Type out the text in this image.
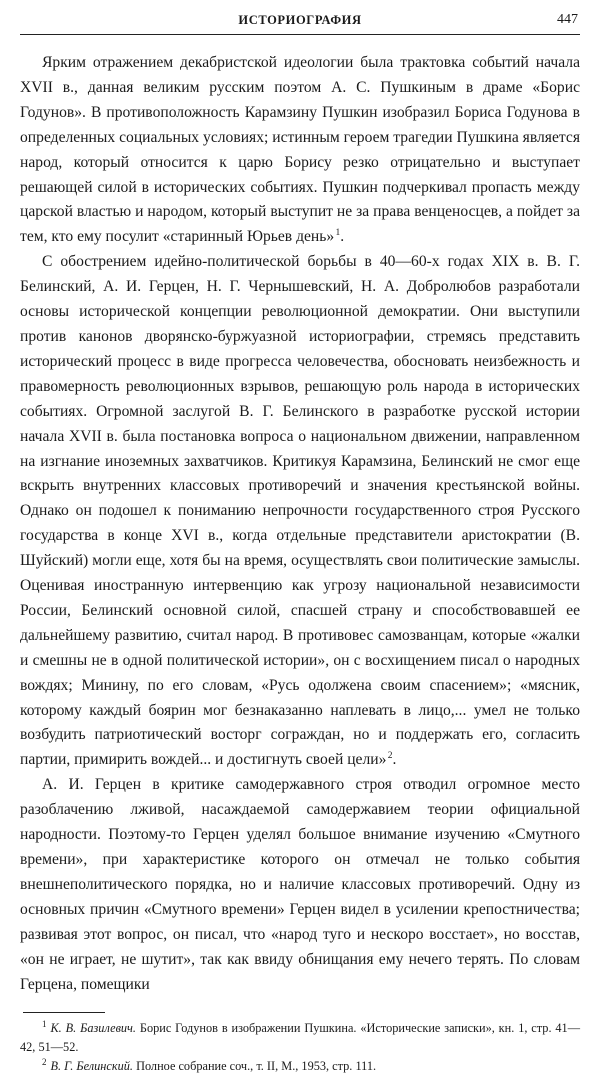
ИСТОРИОГРАФИЯ	447

Ярким отражением декабристской идеологии была трактовка событий начала XVII в., данная великим русским поэтом А. С. Пушкиным в драме «Борис Годунов». В противоположность Карамзину Пушкин изобразил Бориса Годунова в определенных социальных условиях; истинным героем трагедии Пушкина является народ, который относится к царю Борису резко отрицательно и выступает решающей силой в исторических событиях. Пушкин подчеркивал пропасть между царской властью и народом, который выступит не за права венценосцев, а пойдет за тем, кто ему посулит «старинный Юрьев день» $^1$.

С обострением идейно-политической борьбы в 40—60-х годах XIX в. В. Г. Белинский, А. И. Герцен, Н. Г. Чернышевский, Н. А. Добролюбов разработали основы исторической концепции революционной демократии. Они выступили против канонов дворянско-буржуазной историографии, стремясь представить исторический процесс в виде прогресса человечества, обосновать неизбежность и правомерность революционных взрывов, решающую роль народа в исторических событиях. Огромной заслугой В. Г. Белинского в разработке русской истории начала XVII в. была постановка вопроса о национальном движении, направленном на изгнание иноземных захватчиков. Критикуя Карамзина, Белинский не смог еще вскрыть внутренних классовых противоречий и значения крестьянской войны. Однако он подошел к пониманию непрочности государственного строя Русского государства в конце XVI в., когда отдельные представители аристократии (В. Шуйский) могли еще, хотя бы на время, осуществлять свои политические замыслы. Оценивая иностранную интервенцию как угрозу национальной независимости России, Белинский основной силой, спасшей страну и способствовавшей ее дальнейшему развитию, считал народ. В противовес самозванцам, которые «жалки и смешны не в одной политической истории», он с восхищением писал о народных вождях; Минину, по его словам, «Русь одолжена своим спасением»; «мясник, которому каждый боярин мог безнаказанно наплевать в лицо,... умел не только возбудить патриотический восторг сограждан, но и поддержать его, согласить партии, примирить вождей... и достигнуть своей цели» $^2$.

А. И. Герцен в критике самодержавного строя отводил огромное место разоблачению лживой, насаждаемой самодержавием теории официальной народности. Поэтому-то Герцен уделял большое внимание изучению «Смутного времени», при характеристике которого он отмечал не только события внешнеполитического порядка, но и наличие классовых противоречий. Одну из основных причин «Смутного времени» Герцен видел в усилении крепостничества; развивая этот вопрос, он писал, что «народ туго и нескоро восстает», но восстав, «он не играет, не шутит», так как ввиду обнищания ему нечего терять. По словам Герцена, помещики

$^1$ К. В. Базилевич. Борис Годунов в изображении Пушкина. «Исторические записки», кн. 1, стр. 41—42, 51—52.

$^2$ В. Г. Белинский. Полное собрание соч., т. II, М., 1953, стр. 111.
